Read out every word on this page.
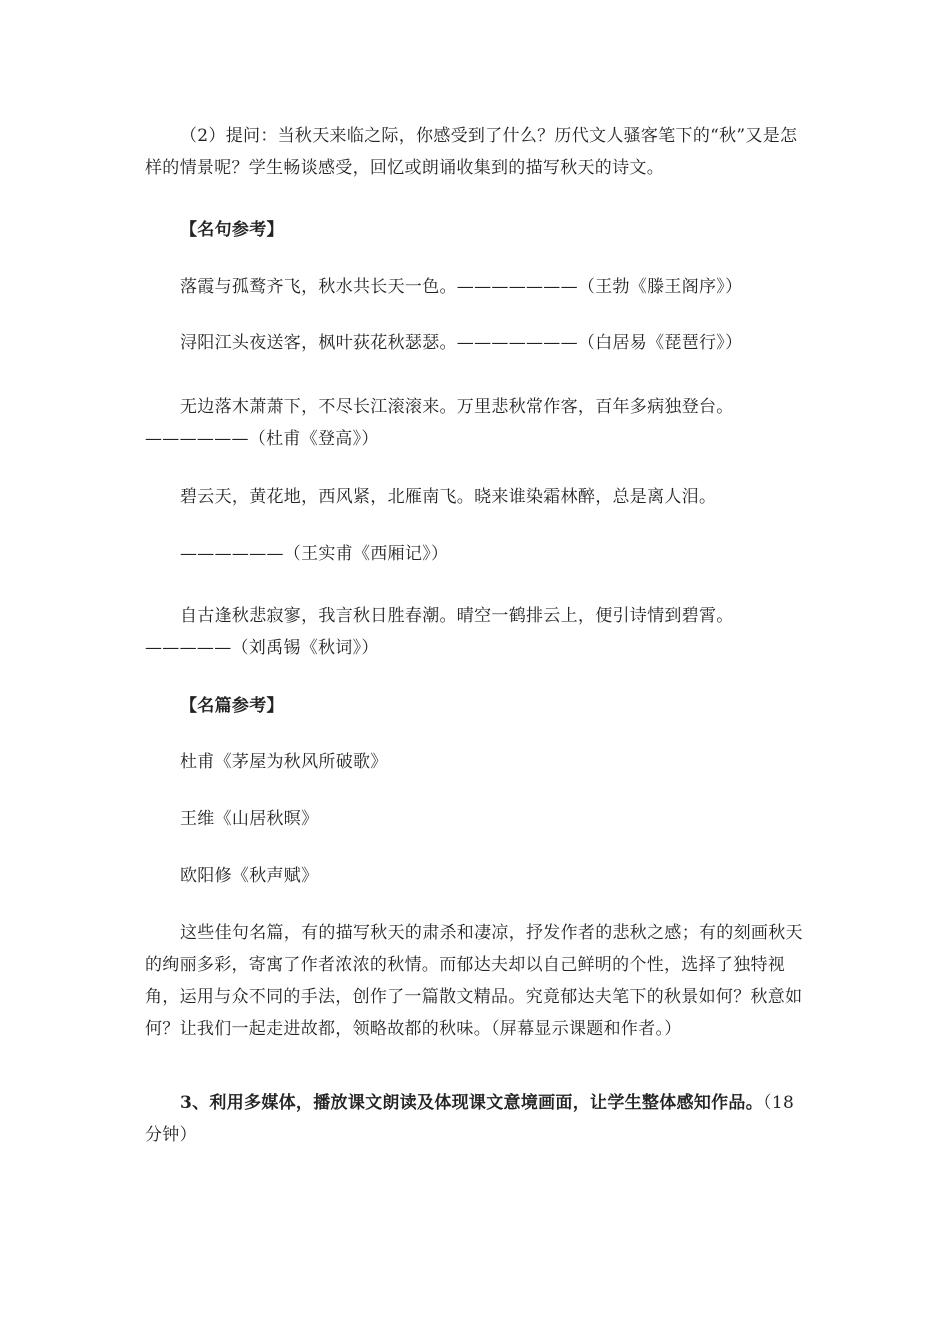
（2）提问：当秋天来临之际，你感受到了什么？历代文人骚客笔下的“秋”又是怎样的情景呢？学生畅谈感受，回忆或朗诵收集到的描写秋天的诗文。

【名句参考】

落霞与孤鹜齐飞，秋水共长天一色。———————（王勃《滕王阁序》）

浔阳江头夜送客，枫叶荻花秋瑟瑟。———————（白居易《琵琶行》）

无边落木萧萧下，不尽长江滚滚来。万里悲秋常作客，百年多病独登台。——————（杜甫《登高》）

碧云天，黄花地，西风紧，北雁南飞。晓来谁染霜林醉，总是离人泪。

——————（王实甫《西厢记》）

自古逢秋悲寂寥，我言秋日胜春潮。晴空一鹤排云上，便引诗情到碧霄。—————（刘禹锡《秋词》）

【名篇参考】

杜甫《茅屋为秋风所破歌》

王维《山居秋暝》

欧阳修《秋声赋》

这些佳句名篇，有的描写秋天的肃杀和凄凉，抒发作者的悲秋之感；有的刻画秋天的绚丽多彩，寄寓了作者浓浓的秋情。而郁达夫却以自己鲜明的个性，选择了独特视角，运用与众不同的手法，创作了一篇散文精品。究竟郁达夫笔下的秋景如何？秋意如何？让我们一起走进故都，领略故都的秋味。（屏幕显示课题和作者。）

3、利用多媒体，播放课文朗读及体现课文意境画面，让学生整体感知作品。（18分钟）
